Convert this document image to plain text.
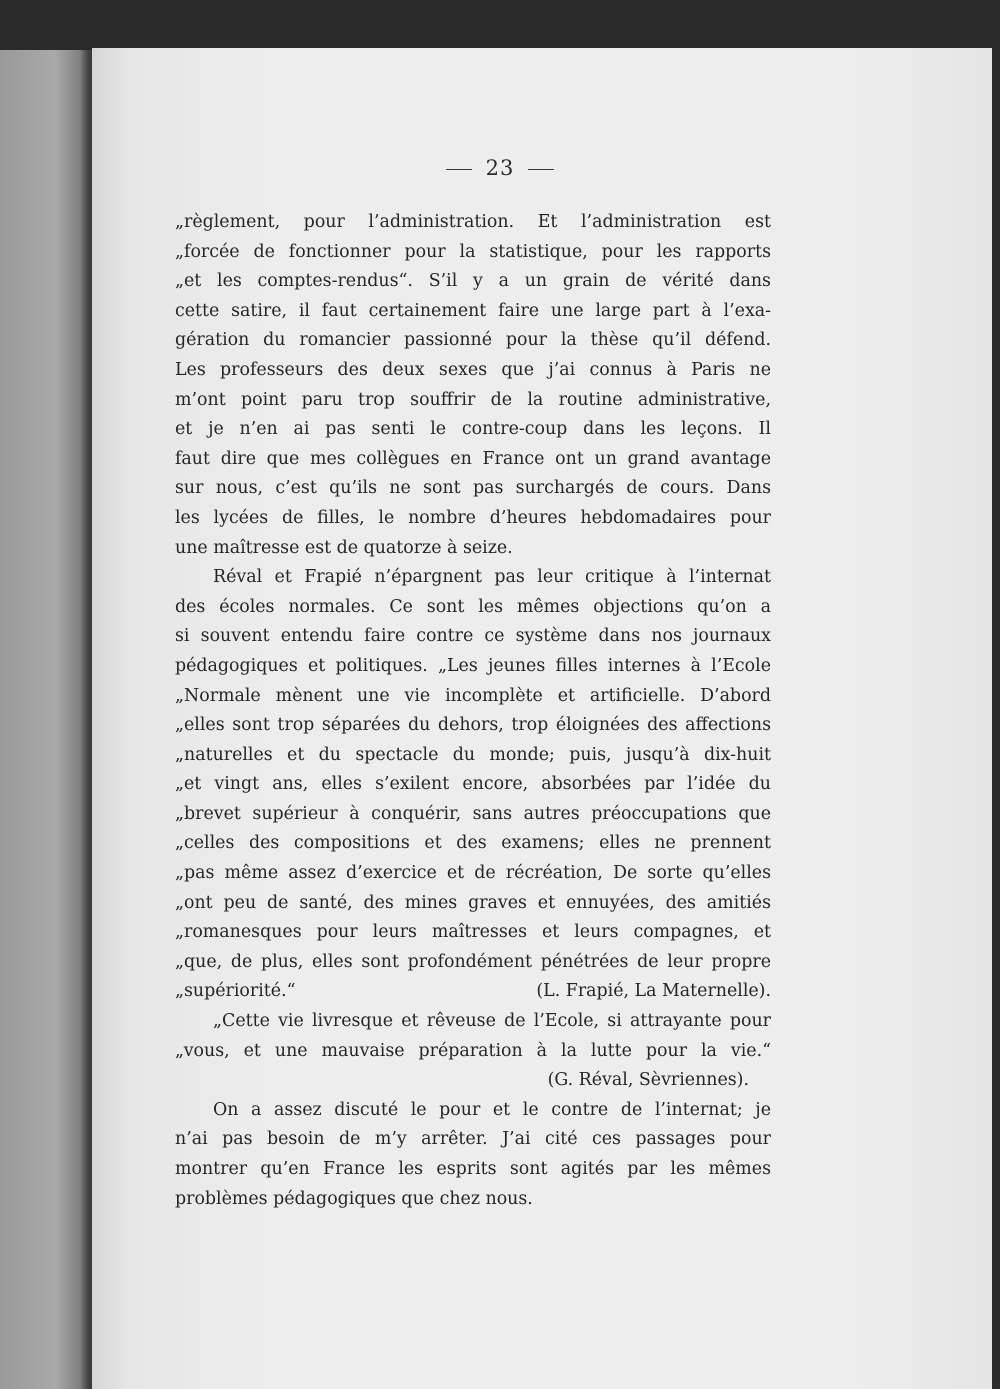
23
„règlement, pour l’administration. Et l’administration est
„forcée de fonctionner pour la statistique, pour les rapports
„et les comptes-rendus“. S’il y a un grain de vérité dans
cette satire, il faut certainement faire une large part à l’exa-
gération du romancier passionné pour la thèse qu’il défend.
Les professeurs des deux sexes que j’ai connus à Paris ne
m’ont point paru trop souffrir de la routine administrative,
et je n’en ai pas senti le contre-coup dans les leçons. Il
faut dire que mes collègues en France ont un grand avantage
sur nous, c’est qu’ils ne sont pas surchargés de cours. Dans
les lycées de filles, le nombre d’heures hebdomadaires pour
une maîtresse est de quatorze à seize.
Réval et Frapié n’épargnent pas leur critique à l’internat
des écoles normales. Ce sont les mêmes objections qu’on a
si souvent entendu faire contre ce système dans nos journaux
pédagogiques et politiques. „Les jeunes filles internes à l’Ecole
„Normale mènent une vie incomplète et artificielle. D’abord
„elles sont trop séparées du dehors, trop éloignées des affections
„naturelles et du spectacle du monde; puis, jusqu’à dix-huit
„et vingt ans, elles s’exilent encore, absorbées par l’idée du
„brevet supérieur à conquérir, sans autres préoccupations que
„celles des compositions et des examens; elles ne prennent
„pas même assez d’exercice et de récréation, De sorte qu’elles
„ont peu de santé, des mines graves et ennuyées, des amitiés
„romanesques pour leurs maîtresses et leurs compagnes, et
„que, de plus, elles sont profondément pénétrées de leur propre
„supériorité.“	(L. Frapié, La Maternelle).
„Cette vie livresque et rêveuse de l’Ecole, si attrayante pour
„vous, et une mauvaise préparation à la lutte pour la vie.“
(G. Réval, Sèvriennes).
On a assez discuté le pour et le contre de l’internat; je
n’ai pas besoin de m’y arrêter. J’ai cité ces passages pour
montrer qu’en France les esprits sont agités par les mêmes
problèmes pédagogiques que chez nous.
